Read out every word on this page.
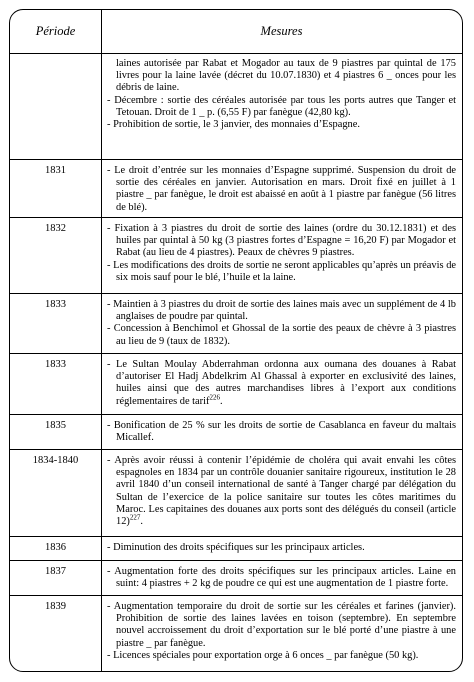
Période	Mesures

laines autorisée par Rabat et Mogador au taux de 9 piastres par quintal de 175 livres pour la laine lavée (décret du 10.07.1830) et 4 piastres 6 _ onces pour les débris de laine.

- Décembre : sortie des céréales autorisée par tous les ports autres que Tanger et Tetouan. Droit de 1 _ p. (6,55 F) par fanègue (42,80 kg).

- Prohibition de sortie, le 3 janvier, des monnaies d’Espagne.

1831	- Le droit d’entrée sur les monnaies d’Espagne supprimé. Suspension du droit de sortie des céréales en janvier. Autorisation en mars. Droit fixé en juillet à 1 piastre _ par fanègue, le droit est abaissé en août à 1 piastre par fanègue (56 litres de blé).

1832	- Fixation à 3 piastres du droit de sortie des laines (ordre du 30.12.1831) et des huiles par quintal à 50 kg (3 piastres fortes d’Espagne = 16,20 F) par Mogador et Rabat (au lieu de 4 piastres). Peaux de chèvres 9 piastres.

- Les modifications des droits de sortie ne seront applicables qu’après un préavis de six mois sauf pour le blé, l’huile et la laine.

1833	- Maintien à 3 piastres du droit de sortie des laines mais avec un supplément de 4 lb anglaises de poudre par quintal.

- Concession à Benchimol et Ghossal de la sortie des peaux de chèvre à 3 piastres au lieu de 9 (taux de 1832).

1833	- Le Sultan Moulay Abderrahman ordonna aux oumana des douanes à Rabat d’autoriser El Hadj Abdelkrim Al Ghassal à exporter en exclusivité des laines, huiles ainsi que des autres marchandises libres à l’export aux conditions réglementaires de tarif$^{226}$.

1835	- Bonification de 25 % sur les droits de sortie de Casablanca en faveur du maltais Micallef.

1834-1840	- Après avoir réussi à contenir l’épidémie de choléra qui avait envahi les côtes espagnoles en 1834 par un contrôle douanier sanitaire rigoureux, institution le 28 avril 1840 d’un conseil international de santé à Tanger chargé par délégation du Sultan de l’exercice de la police sanitaire sur toutes les côtes maritimes du Maroc. Les capitaines des douanes aux ports sont des délégués du conseil (article 12)$^{227}$.

1836	- Diminution des droits spécifiques sur les principaux articles.

1837	- Augmentation forte des droits spécifiques sur les principaux articles. Laine en suint: 4 piastres + 2 kg de poudre ce qui est une augmentation de 1 piastre forte.

1839	- Augmentation temporaire du droit de sortie sur les céréales et farines (janvier). Prohibition de sortie des laines lavées en toison (septembre). En septembre nouvel accroissement du droit d’exportation sur le blé porté d’une piastre à une piastre _ par fanègue.

- Licences spéciales pour exportation orge à 6 onces _ par fanègue (50 kg).
